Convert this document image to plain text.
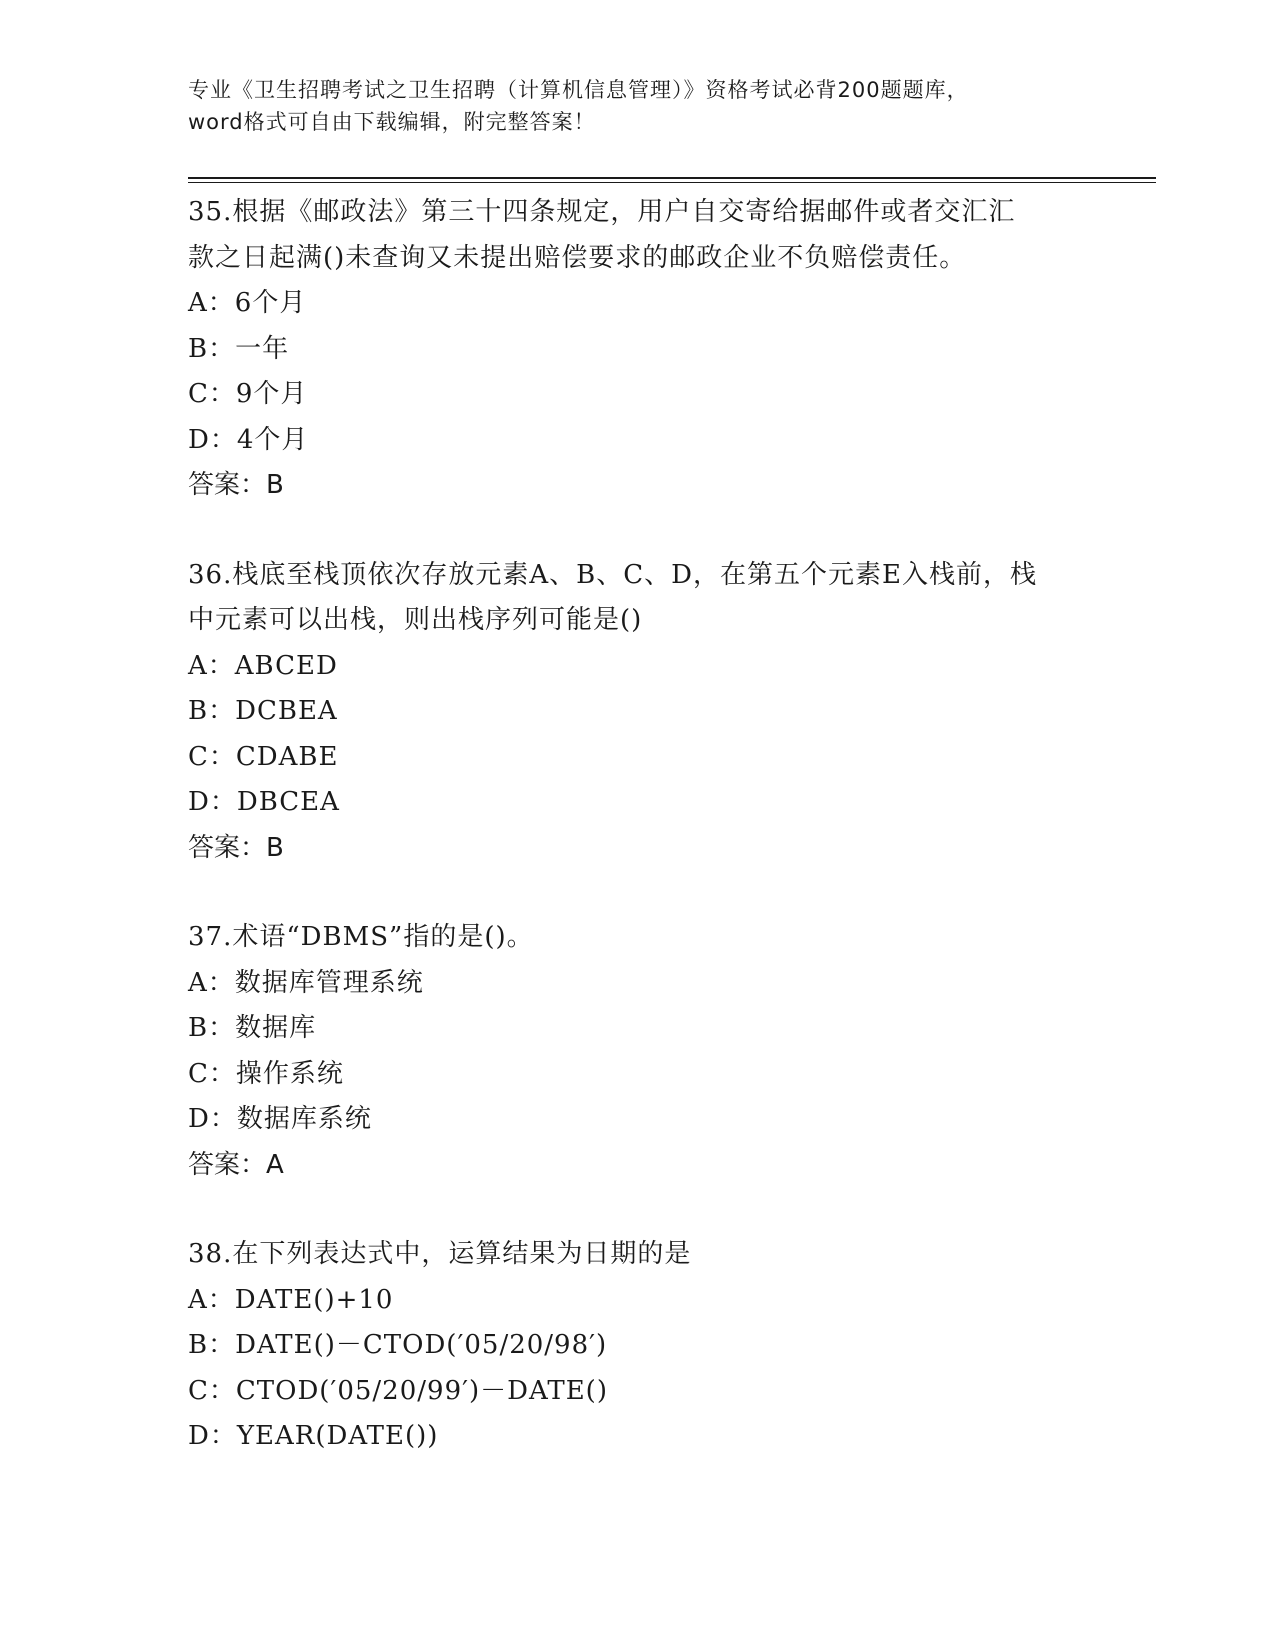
专业《卫生招聘考试之卫生招聘（计算机信息管理）》资格考试必背200题题库，
word格式可自由下载编辑，附完整答案！

35.根据《邮政法》第三十四条规定，用户自交寄给据邮件或者交汇汇

款之日起满()未查询又未提出赔偿要求的邮政企业不负赔偿责任。

A：6个月

B：一年

C：9个月

D：4个月

答案：B

36.栈底至栈顶依次存放元素A、B、C、D，在第五个元素E入栈前，栈

中元素可以出栈，则出栈序列可能是()

A：ABCED

B：DCBEA

C：CDABE

D：DBCEA

答案：B

37.术语“DBMS”指的是()。

A：数据库管理系统

B：数据库

C：操作系统

D：数据库系统

答案：A

38.在下列表达式中，运算结果为日期的是

A：DATE()+10

B：DATE()－CTOD(′05/20/98′)

C：CTOD(′05/20/99′)－DATE()

D：YEAR(DATE())
